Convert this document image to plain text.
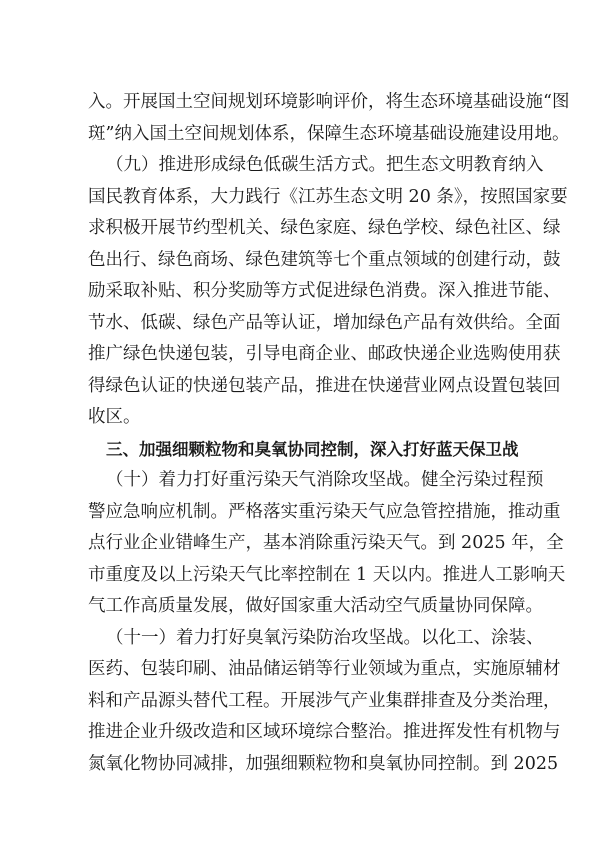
入。开展国土空间规划环境影响评价，将生态环境基础设施“图
斑”纳入国土空间规划体系，保障生态环境基础设施建设用地。
（九）推进形成绿色低碳生活方式。把生态文明教育纳入
国民教育体系，大力践行《江苏生态文明 20 条》，按照国家要
求积极开展节约型机关、绿色家庭、绿色学校、绿色社区、绿
色出行、绿色商场、绿色建筑等七个重点领域的创建行动，鼓
励采取补贴、积分奖励等方式促进绿色消费。深入推进节能、
节水、低碳、绿色产品等认证，增加绿色产品有效供给。全面
推广绿色快递包装，引导电商企业、邮政快递企业选购使用获
得绿色认证的快递包装产品，推进在快递营业网点设置包装回
收区。
三、加强细颗粒物和臭氧协同控制，深入打好蓝天保卫战
（十）着力打好重污染天气消除攻坚战。健全污染过程预
警应急响应机制。严格落实重污染天气应急管控措施，推动重
点行业企业错峰生产，基本消除重污染天气。到 2025 年，全
市重度及以上污染天气比率控制在 1 天以内。推进人工影响天
气工作高质量发展，做好国家重大活动空气质量协同保障。
（十一）着力打好臭氧污染防治攻坚战。以化工、涂装、
医药、包装印刷、油品储运销等行业领域为重点，实施原辅材
料和产品源头替代工程。开展涉气产业集群排查及分类治理，
推进企业升级改造和区域环境综合整治。推进挥发性有机物与
氮氧化物协同减排，加强细颗粒物和臭氧协同控制。到 2025
